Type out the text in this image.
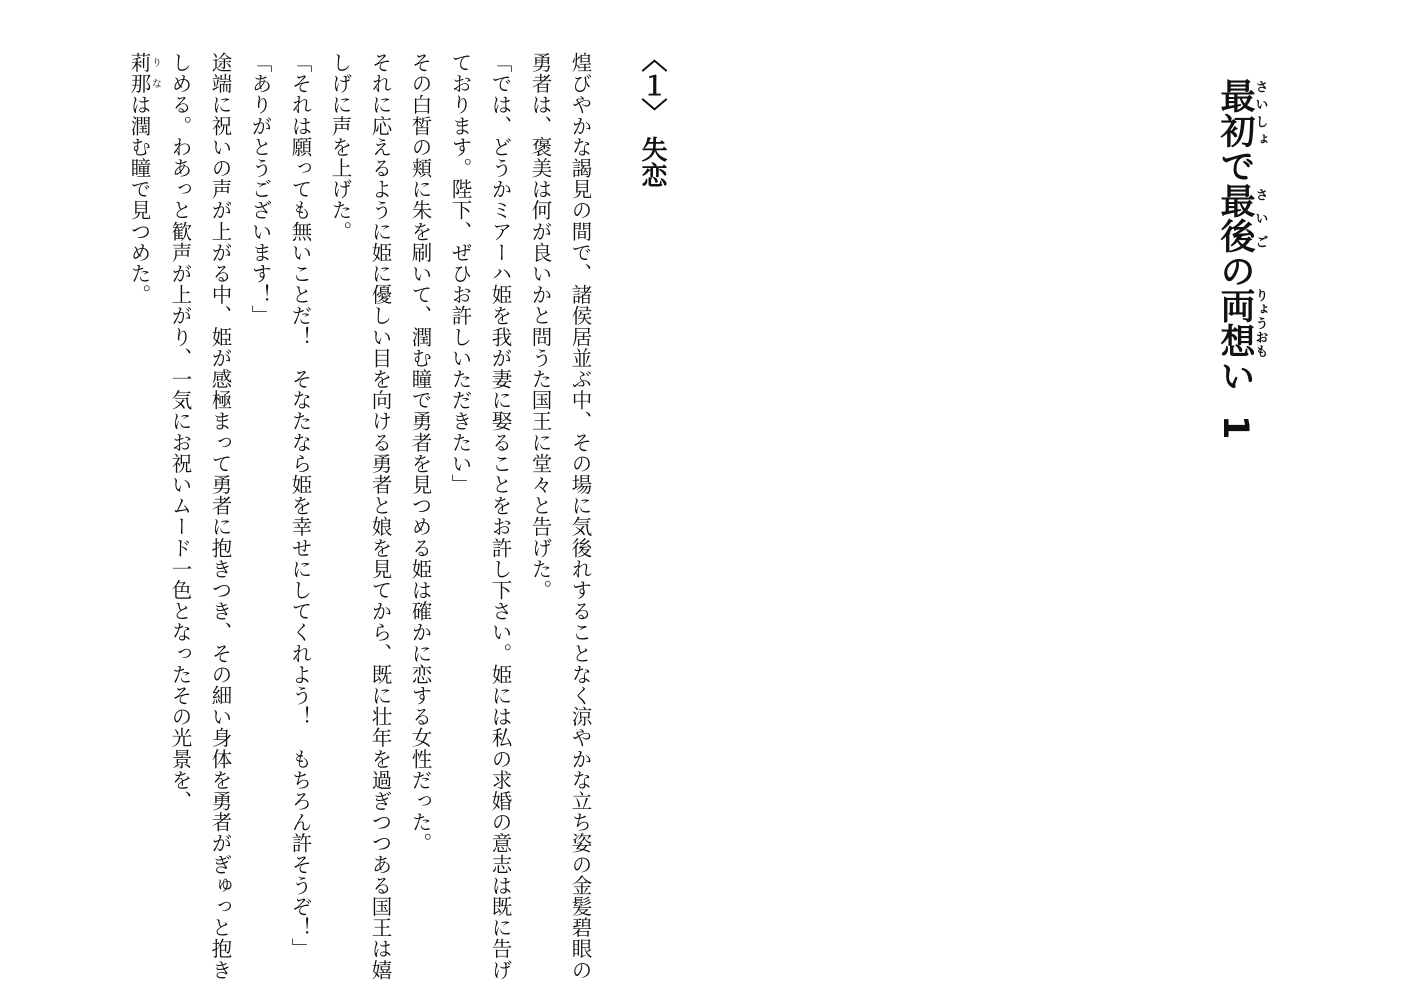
最初さいしょで最後さいごの両想りょうおもい1
〈１〉失恋

煌びやかな謁見の間で、諸侯居並ぶ中、その場に気後れすることなく涼やかな立ち姿の金髪碧眼の勇者は、褒美は何が良いかと問うた国王に堂々と告げた。

「では、どうかミアーハ姫を我が妻に娶ることをお許し下さい。姫には私の求婚の意志は既に告げております。陛下、ぜひお許しいただきたい」

その白皙の頬に朱を刷いて、潤む瞳で勇者を見つめる姫は確かに恋する女性だった。

それに応えるように姫に優しい目を向ける勇者と娘を見てから、既に壮年を過ぎつつある国王は嬉しげに声を上げた。

「それは願っても無いことだ！　そなたなら姫を幸せにしてくれよう！　もちろん許そうぞ！」

「ありがとうございます！」

途端に祝いの声が上がる中、姫が感極まって勇者に抱きつき、その細い身体を勇者がぎゅっと抱きしめる。わあっと歓声が上がり、一気にお祝いムード一色となったその光景を、

莉那りなは潤む瞳で見つめた。
